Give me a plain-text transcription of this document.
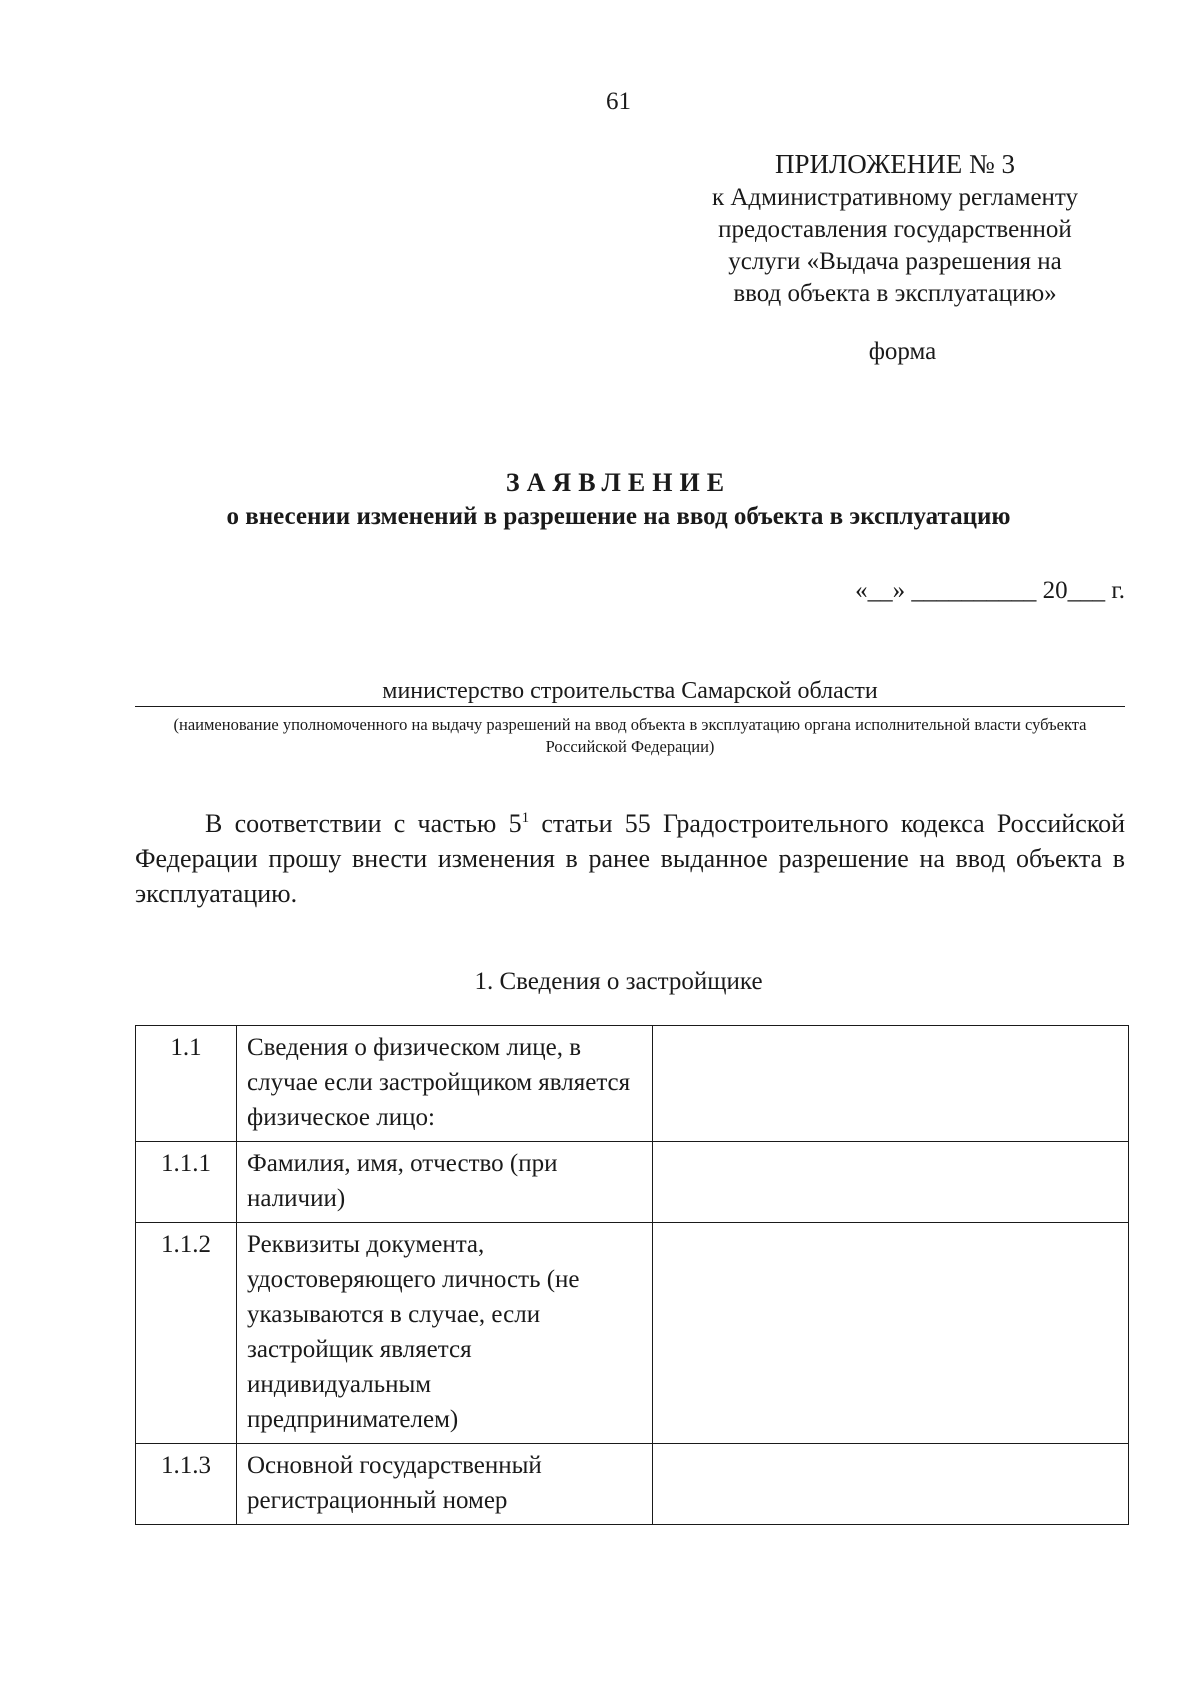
61
ПРИЛОЖЕНИЕ № 3
к Административному регламенту
предоставления государственной
услуги «Выдача разрешения на
ввод объекта в эксплуатацию»
форма
ЗАЯВЛЕНИЕ
о внесении изменений в разрешение на ввод объекта в эксплуатацию
«__» __________ 20___ г.
министерство строительства Самарской области
(наименование уполномоченного на выдачу разрешений на ввод объекта в эксплуатацию органа исполнительной власти субъекта Российской Федерации)
В соответствии с частью $5^1$ статьи 55 Градостроительного кодекса Российской Федерации прошу внести изменения в ранее выданное разрешение на ввод объекта в эксплуатацию.
1. Сведения о застройщике
1.1	Сведения о физическом лице, в случае если застройщиком является физическое лицо:	
1.1.1	Фамилия, имя, отчество (при наличии)	
1.1.2	Реквизиты документа, удостоверяющего личность (не указываются в случае, если застройщик является индивидуальным предпринимателем)	
1.1.3	Основной государственный регистрационный номер	
